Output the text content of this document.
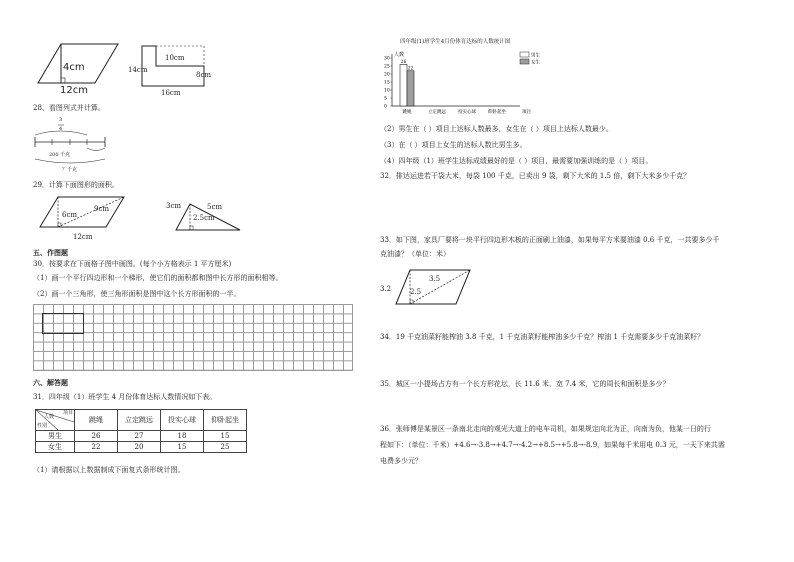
4cm
12cm
10cm
14cm
8cm
16cm
28、看图列式并计算。
3
4
200 千克
？千克
29．计算下面图形的面积。
9cm
6cm
12cm
3cm	5cm
2.5cm
五、作图题
30．按要求在下面格子图中画图。(每个小方格表示 1 平方厘米)
（1）画一个平行四边形和一个梯形，使它们的面积都和图中长方形的面积相等。
（2）画一个三角形，使三角形面积是图中这个长方形面积的一半。
六、解答题
31．四年级（1）班学生 4 月份体育达标人数情况如下表。
项目
人数
性别	跳绳	立定跳远	投实心球	仰卧起坐
男生	26	27	18	15
女生	22	20	15	25
（1）请根据以上数据制成下面复式条形统计图。
四年级(1)班学生4月份体育达标的人数统计图
人数
项目
0
5
10
15
20
25
30
跳绳
26
22
立定跳远	投实心球	仰卧起坐
男生
女生
（2）男生在（ ）项目上达标人数最多，女生在（ ）项目上达标人数最少。
（3）在（ ）项目上女生的达标人数比男生多。
（4）四年级（1）班学生达标成绩最好的是（ ）项目，最需要加强训练的是（ ）项目。
32．排达运进若干袋大米，每袋 100 千克，已卖出 9 袋，剩下大米的 1.5 倍，剩下大米多少千克？
33．如下图，家具厂要将一块平行四边形木板的正面刷上油漆，如果每平方米要油漆 0.6 千克，一共要多少千
克油漆？（单位：米）
3.5
3.2	2.5
34．19 千克油菜籽能榨油 3.8 千克，1 千克油菜籽能榨油多少千克？榨油 1 千克需要多少千克油菜籽？
35．城区一小提场占方有一个长方形花坛，长 11.6 米，宽 7.4 米，它的周长和面积是多少？
36．张师傅是某景区一条南北走向的观光大道上的电车司机，如果规定向北为正，向南为负，他某一日的行
程如下：（单位：千米）+4.6→-3.8→+4.7→-4.2→+8.5→+5.8→-8.9，如果每千米用电 0.3 元，一天下来共需
电费多少元？
